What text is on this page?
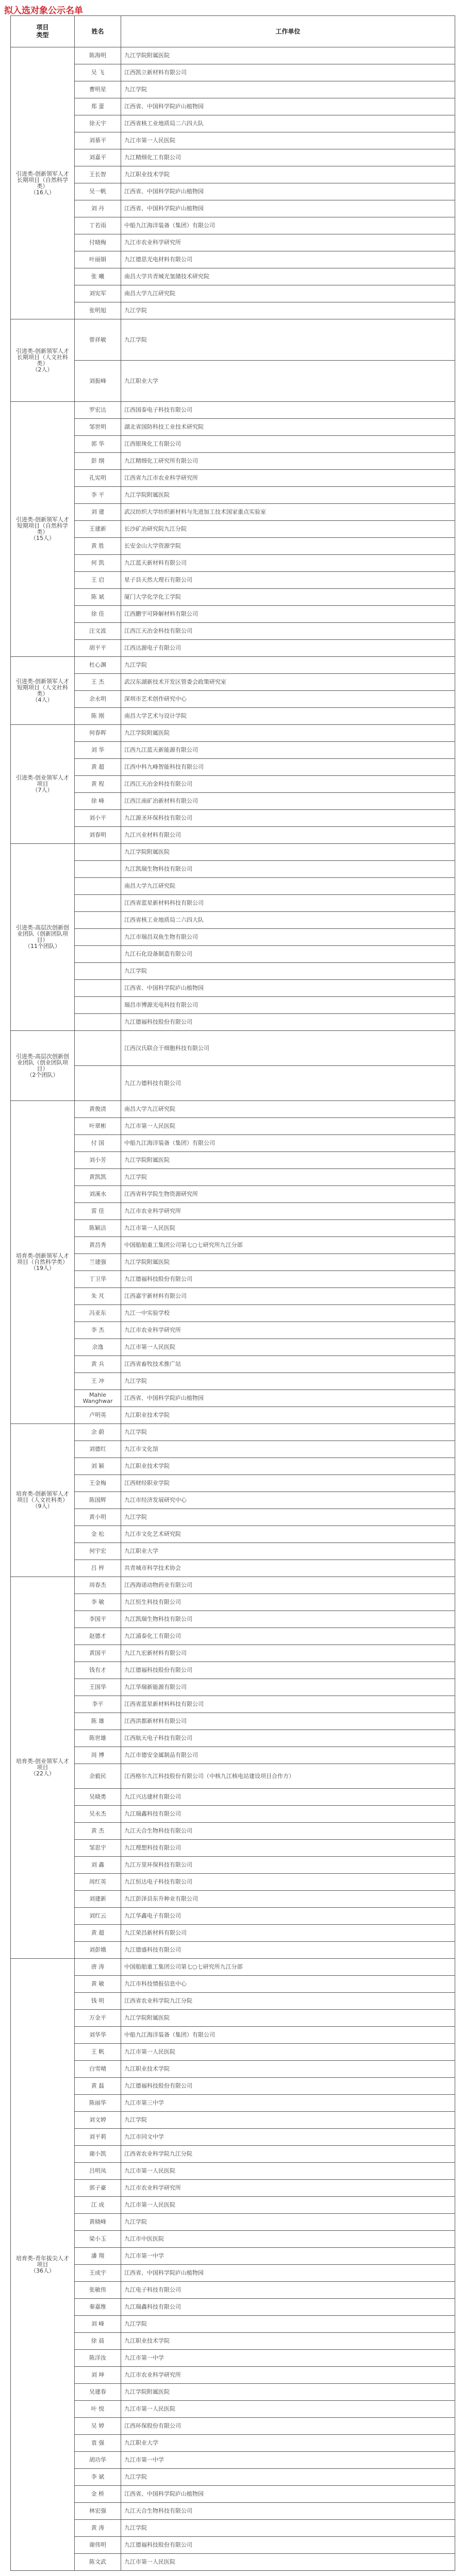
拟入选对象公示名单
项目
类型	姓名	工作单位

引进类-创新领军人才长期项目（自然科学类）
（16人）	陈海明	九江学院附属医院
	吴 飞	江西凯立新材料有限公司
	曹明星	九江学院
	郑 蕾	江西省、中国科学院庐山植物园
	徐天宇	江西省核工业地质局二六四大队
	刘慕平	九江市第一人民医院
	刘嘉平	九江精细化工有限公司
	王长智	九江职业技术学院
	吴一帆	江西省、中国科学院庐山植物园
	刘 丹	江西省、中国科学院庐山植物园
	丁若雨	中船九江海洋装备（集团）有限公司
	付晓梅	九江市农业科学研究所
	叶丽娟	九江德思光电材料有限公司
	张 曦	南昌大学共青城光氢储技术研究院
	刘宪军	南昌大学九江研究院
	张明旭	九江学院

引进类-创新领军人才长期项目（人文社科类）
（2人）	曾祥敏	九江学院
	刘振峰	九江职业大学

引进类-创新领军人才短期项目（自然科学类）
（15人）	罗宏达	江西国泰电子科技有限公司
	邹世明	湖北省国防科技工业技术研究院
	郭 华	江西银珠化工有限公司
	彭 纲	九江精细化工研究所有限公司
	孔宪明	江西省九江市农业科学研究所
	李 平	九江学院附属医院
	刘 建	武汉纺织大学纺织新材料与先进加工技术国家重点实验室
	王建新	长沙矿冶研究院九江分院
	黄 胜	长安金山大学资源学院
	何 凯	九江蓝天新材料有限公司
	王 启	星子县天然大理石有限公司
	陈 斌	厦门大学化学化工学院
	徐 佳	江西鹏宇可降解材料有限公司
	汪文波	江西江天冶金科技有限公司
	胡平平	江西达源电子有限公司

引进类-创新领军人才短期项目（人文社科类）
（4人）	杜心渊	九江学院
	王 杰	武汉东湖新技术开发区管委会政策研究室
	余永明	深圳市艺术创作研究中心
	陈 刚	南昌大学艺术与设计学院

引进类-创业领军人才项目
（7人）	何春晖	九江学院附属医院
	刘 华	江西九江蓝天新能源有限公司
	黄 超	江西中科九峰智能科技有限公司
	黄 程	江西江天冶金科技有限公司
	徐 峰	江西江南矿冶新材料有限公司
	刘小平	九江源圣环保科技有限公司
	刘春明	九江兴业材料有限公司

引进类-高层次创新创业团队（创新团队项目）
（11个团队）		九江学院附属医院
		九江凯瑞生物科技有限公司
		南昌大学九江研究院
		江西省蓝星新材料科技有限公司
		江西省核工业地质局二六四大队
		九江市瑞昌双鱼生物有限公司
		九江石化设备制造有限公司
		九江学院
		江西省、中国科学院庐山植物园
		瑞昌市博源光电科技有限公司
		九江德福科技股份有限公司

引进类-高层次创新创业团队（创业团队项目）
（2个团队）		江西汉氏联合干细胞科技有限公司
		九江力德科技有限公司

培育类-创新领军人才项目（自然科学类）
（19人）	黄俊清	南昌大学九江研究院
	叶翠彬	九江市第一人民医院
	付 国	中船九江海洋装备（集团）有限公司
	刘小芳	九江学院附属医院
	黄凯凯	九江学院
	刘溪水	江西省科学院生物资源研究所
	雷 佳	九江市农业科学研究所
	陈颖洁	九江市第一人民医院
	黄昌秀	中国船舶重工集团公司第七○七研究所九江分部
	兰建强	九江学院附属医院
	丁卫华	九江德福科技股份有限公司
	朱 芃	江西嘉宇新材料有限公司
	冯亚东	九江一中实验学校
	李 杰	九江市农业科学研究所
	余逸	九江市第一人民医院
	黄 兵	江西省畜牧技术推广站
	王 冲	九江学院
	Mahle Wanghwar	江西省、中国科学院庐山植物园
	卢明英	九江职业技术学院

培育类-创新领军人才项目（人文社科类）
（9人）	余 蔚	九江学院
	刘德红	九江市文化馆
	刘 颖	九江职业技术学院
	王金梅	江西财经职业学院
	陈国辉	九江市经济发展研究中心
	黄小明	九江学院
	金 松	九江市文化艺术研究院
	何宇宏	九江职业大学
	吕 梓	共青城市科学技术协会

培育类-创业领军人才项目
（22人）	周春杰	江西海诺动物药业有限公司
	李 敏	九江恒生科技有限公司
	李国平	九江凯瑞生物科技有限公司
	赵德才	九江浦泰化工有限公司
	黄国平	九江九宏新材料有限公司
	钱有才	九江德福科技股份有限公司
	王国华	九江华瑞新能源有限公司
	李平	江西省蓝星新材料科技有限公司
	陈 雄	江西洪都新材料有限公司
	陈世雄	江西航天电子科技有限公司
	周 博	九江市德安金属制品有限公司
	余毅民	江西格尔九江科技股份有限公司（中核九江核电站建设项目合作方）
	吴晓勇	九江兴达建材有限公司
	吴永杰	九江瑞鑫科技有限公司
	黄 杰	九江天合生物科技有限公司
	邹思宇	九江理想科技有限公司
	刘 鑫	九江万里环保科技有限公司
	周红英	九江恒达电子科技有限公司
	刘建新	九江彭泽县东升种业有限公司
	刘红云	九江华鑫电子有限公司
	黄 超	九江荣昌新材料有限公司
	刘彭娥	九江德盛科技有限公司

培育类-青年拔尖人才项目
（36人）	唐 涛	中国船舶重工集团公司第七○七研究所九江分部
	黄 敏	九江市科技情报信息中心
	钱 明	江西省农业科学院九江分院
	万金平	九江学院附属医院
	刘华华	中船九江海洋装备（集团）有限公司
	王 帆	九江市第一人民医院
	白雪晴	九江职业技术学院
	黄 磊	九江德福科技股份有限公司
	陈丽华	九江市第三中学
	刘文婷	九江学院
	刘平莉	九江市同文中学
	谢小凯	江西省农业科学院九江分院
	吕明凤	九江市第一人民医院
	郭子豪	九江市农业科学研究所
	江 成	九江市第一人民医院
	黄晓峰	九江学院
	梁小玉	九江市中医医院
	潘 翔	九江市第一中学
	王成宇	江西省、中国科学院庐山植物园
	张敏伟	九江电子科技有限公司
	秦嘉维	九江瑞鑫科技有限公司
	刘 峰	九江学院
	徐 晨	九江职业技术学院
	陈洋汝	九江市第一中学
	刘 坤	九江市农业科学研究所
	吴建春	九江学院附属医院
	叶 悦	九江市第一人民医院
	吴 婷	江西环保股份有限公司
	袁 强	九江职业大学
	胡功华	九江市第一中学
	李 斌	九江学院
	金 桥	江西省、中国科学院庐山植物园
	林宏强	九江天合生物科技有限公司
	黄 涛	九江学院
	谢伟明	九江德福科技股份有限公司
	陈文武	九江市第一人民医院
